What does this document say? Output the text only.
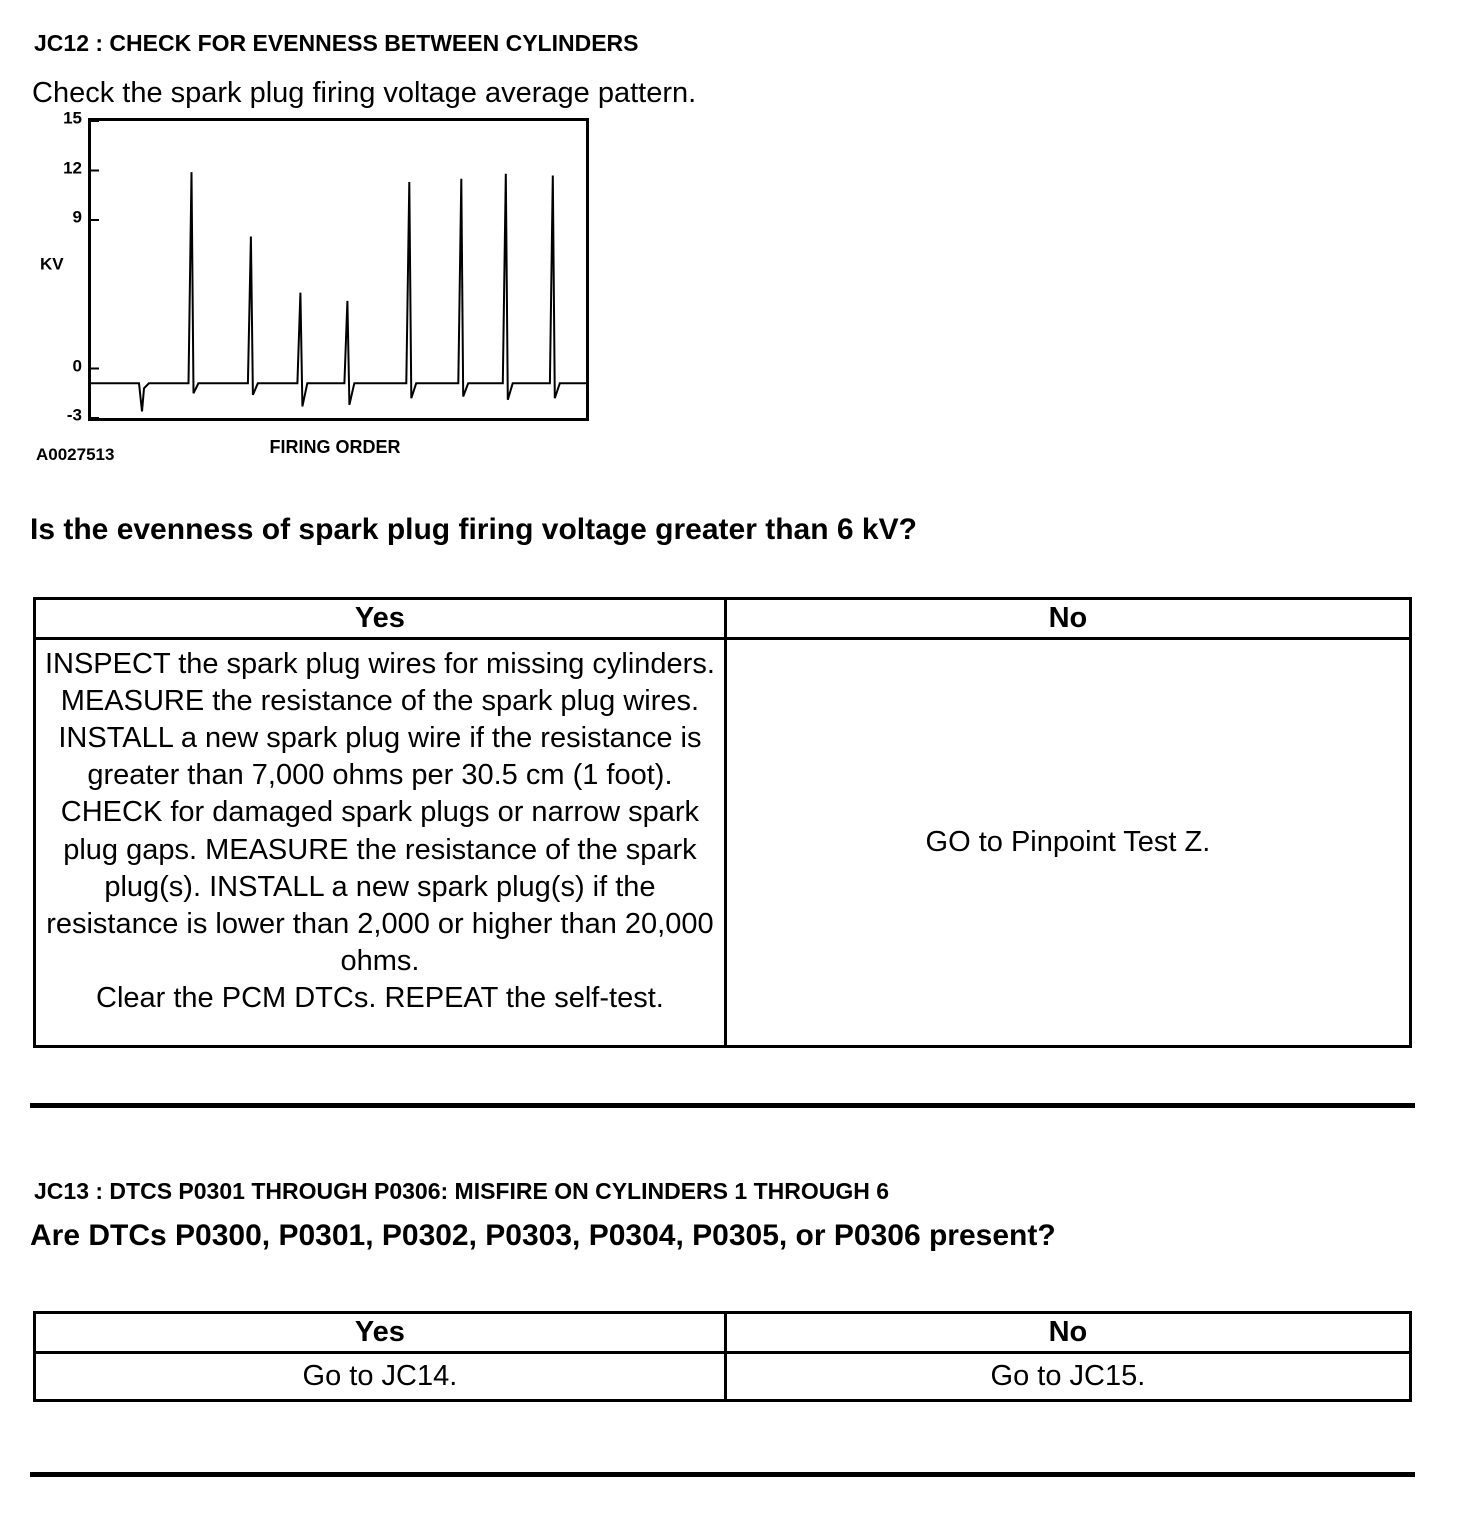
JC12 : CHECK FOR EVENNESS BETWEEN CYLINDERS

Check the spark plug firing voltage average pattern.

KV
15
12
9
0
-3
A0027513	FIRING ORDER

Is the evenness of spark plug firing voltage greater than 6 kV?

Yes	No

INSPECT the spark plug wires for missing cylinders. MEASURE the resistance of the spark plug wires. INSTALL a new spark plug wire if the resistance is greater than 7,000 ohms per 30.5 cm (1 foot). CHECK for damaged spark plugs or narrow spark plug gaps. MEASURE the resistance of the spark plug(s). INSTALL a new spark plug(s) if the resistance is lower than 2,000 or higher than 20,000 ohms.
Clear the PCM DTCs. REPEAT the self-test.	GO to Pinpoint Test Z.
JC13 : DTCS P0301 THROUGH P0306: MISFIRE ON CYLINDERS 1 THROUGH 6

Are DTCs P0300, P0301, P0302, P0303, P0304, P0305, or P0306 present?

Yes	No
Go to JC14.	Go to JC15.
